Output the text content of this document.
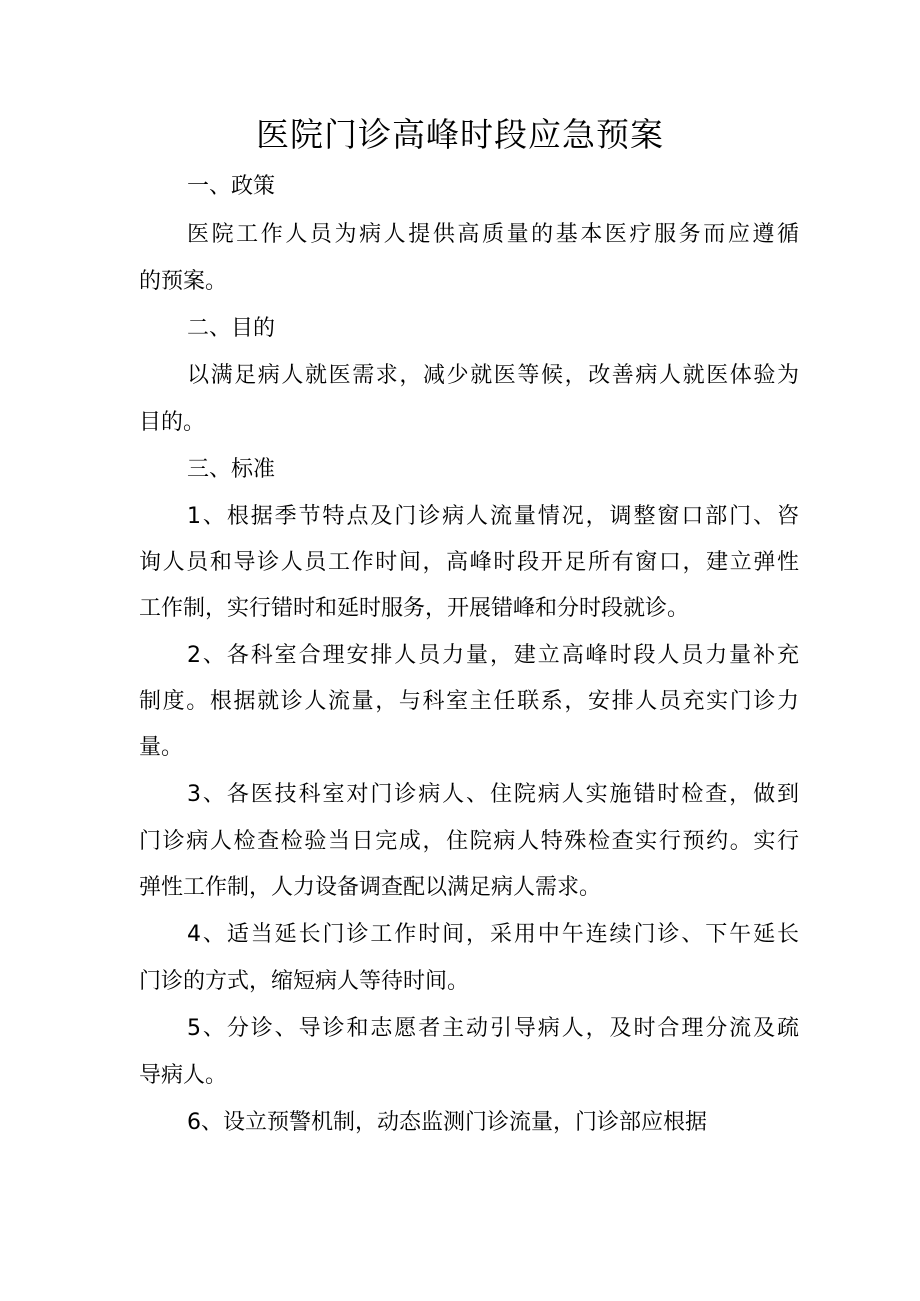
医院门诊高峰时段应急预案
一、政策
医院工作人员为病人提供高质量的基本医疗服务而应遵循
的预案。
二、目的
以满足病人就医需求，减少就医等候，改善病人就医体验为
目的。
三、标准
1、根据季节特点及门诊病人流量情况，调整窗口部门、咨
询人员和导诊人员工作时间，高峰时段开足所有窗口，建立弹性
工作制，实行错时和延时服务，开展错峰和分时段就诊。
2、各科室合理安排人员力量，建立高峰时段人员力量补充
制度。根据就诊人流量，与科室主任联系，安排人员充实门诊力
量。
3、各医技科室对门诊病人、住院病人实施错时检查，做到
门诊病人检查检验当日完成，住院病人特殊检查实行预约。实行
弹性工作制，人力设备调查配以满足病人需求。
4、适当延长门诊工作时间，采用中午连续门诊、下午延长
门诊的方式，缩短病人等待时间。
5、分诊、导诊和志愿者主动引导病人，及时合理分流及疏
导病人。
6、设立预警机制，动态监测门诊流量，门诊部应根据
